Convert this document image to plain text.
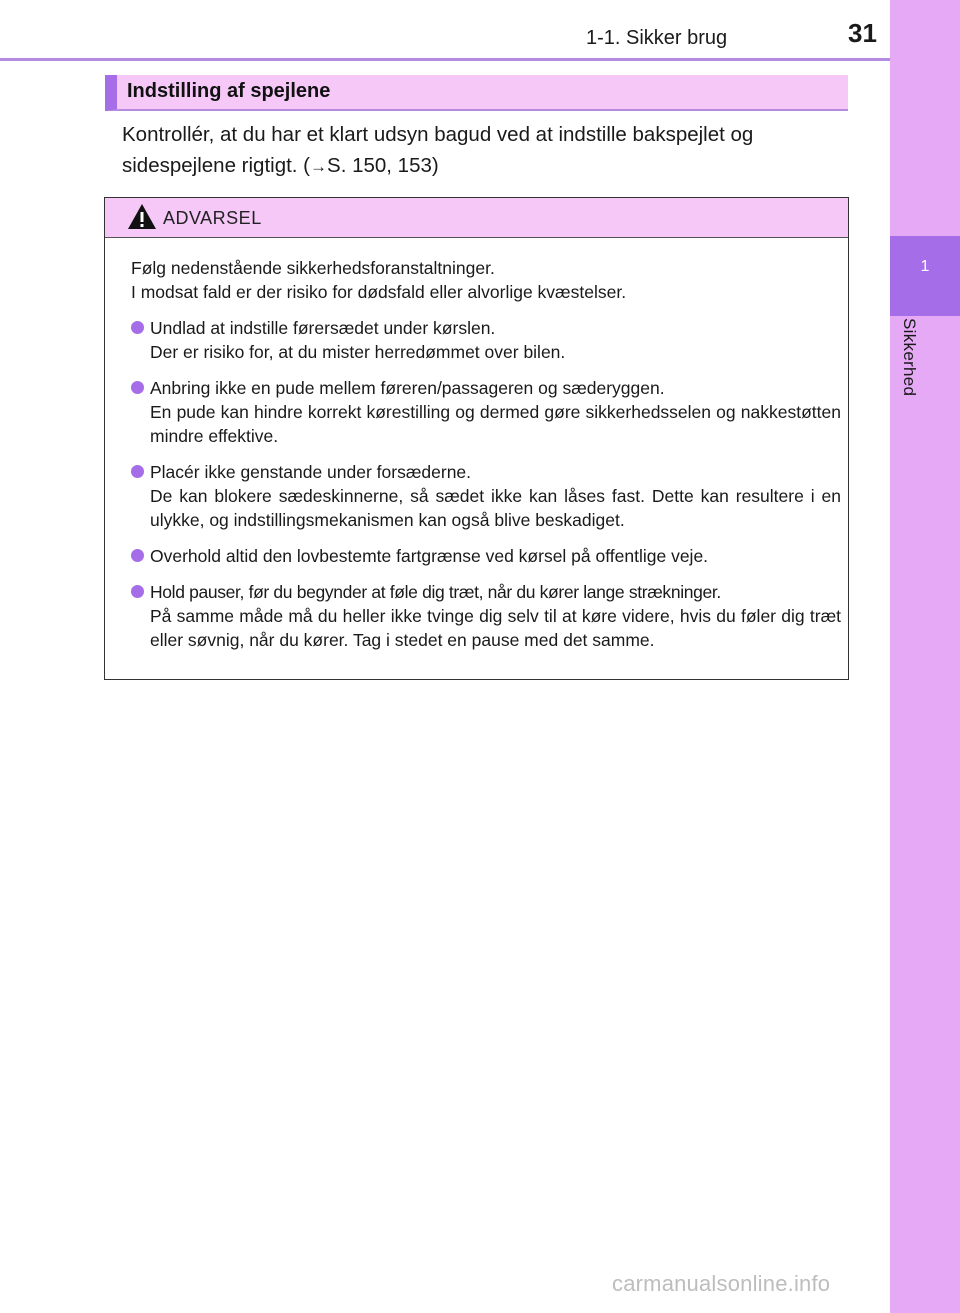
1-1. Sikker brug	31
1
Sikkerhed
Indstilling af spejlene
Kontrollér, at du har et klart udsyn bagud ved at indstille bakspejlet og sidespejlene rigtigt. (→S. 150, 153)
ADVARSEL
Følg nedenstående sikkerhedsforanstaltninger.
I modsat fald er der risiko for dødsfald eller alvorlige kvæstelser.
Undlad at indstille førersædet under kørslen.
Der er risiko for, at du mister herredømmet over bilen.
Anbring ikke en pude mellem føreren/passageren og sæderyggen.
En pude kan hindre korrekt kørestilling og dermed gøre sikkerhedsselen og nakkestøtten mindre effektive.
Placér ikke genstande under forsæderne.
De kan blokere sædeskinnerne, så sædet ikke kan låses fast. Dette kan resultere i en ulykke, og indstillingsmekanismen kan også blive beskadiget.
Overhold altid den lovbestemte fartgrænse ved kørsel på offentlige veje.
Hold pauser, før du begynder at føle dig træt, når du kører lange strækninger.
På samme måde må du heller ikke tvinge dig selv til at køre videre, hvis du føler dig træt eller søvnig, når du kører. Tag i stedet en pause med det samme.
carmanualsonline.info
